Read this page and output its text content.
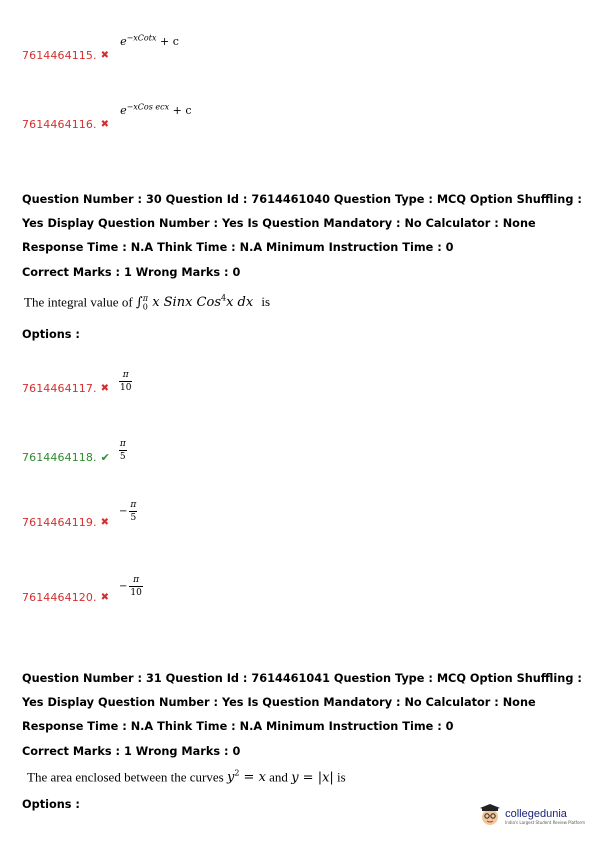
$_{7614464115.}$ $_✖$ $e^{-xCotx} + c$
$_{7614464116.}$ $_✖$ $e^{-xCos ecx} + c$
Question Number : 30 Question Id : 7614461040 Question Type : MCQ Option Shuffling : Yes Display Question Number : Yes Is Question Mandatory : No Calculator : None Response Time : N.A Think Time : N.A Minimum Instruction Time : 0
Correct Marks : 1 Wrong Marks : 0
The integral value of $\int_0^\pi$ x Sinx Cos$^4$x dx is
Options :
7614464117. ✖ $\frac{\pi}{10}$
7614464118. ✔ $\frac{\pi}{5}$
7614464119. ✖
− $\frac{\pi}{5}$
7614464120. ✖
− $\frac{\pi}{10}$
Question Number : 31 Question Id : 7614461041 Question Type : MCQ Option Shuffling : Yes Display Question Number : Yes Is Question Mandatory : No Calculator : None Response Time : N.A Think Time : N.A Minimum Instruction Time : 0
Correct Marks : 1 Wrong Marks : 0
The area enclosed between the curves $y^2 = x$ and y = |x| is
Options :
collegedunia
India's Largest Student Review Platform
